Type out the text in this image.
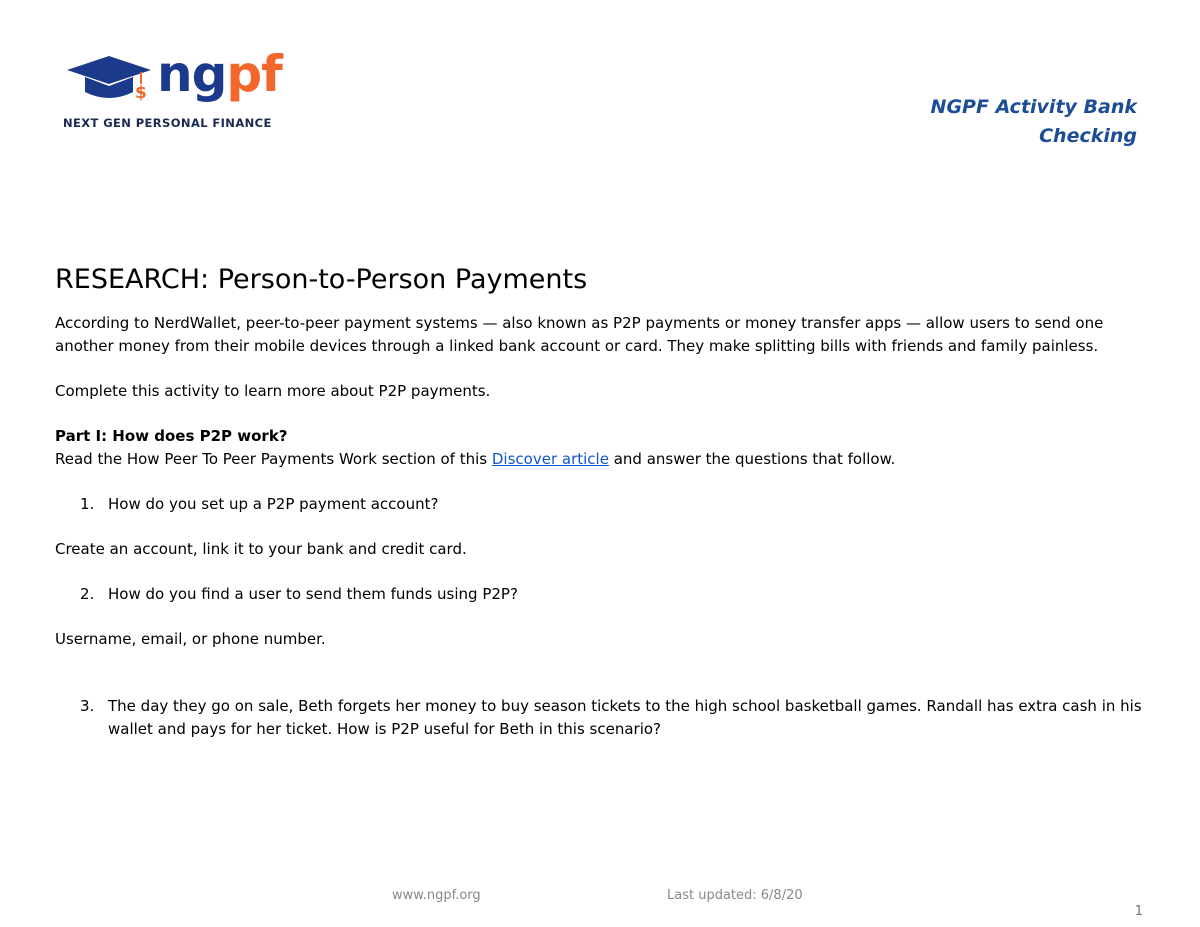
$ ngpf
NEXT GEN PERSONAL FINANCE
NGPF Activity Bank
Checking
RESEARCH: Person-to-Person Payments

According to NerdWallet, peer-to-peer payment systems — also known as P2P payments or money transfer apps — allow users to send one another money from their mobile devices through a linked bank account or card. They make splitting bills with friends and family painless.

Complete this activity to learn more about P2P payments.

Part I: How does P2P work?

Read the How Peer To Peer Payments Work section of this Discover article and answer the questions that follow.

1. How do you set up a P2P payment account?

Create an account, link it to your bank and credit card.

2. How do you find a user to send them funds using P2P?

Username, email, or phone number.

3. The day they go on sale, Beth forgets her money to buy season tickets to the high school basketball games. Randall has extra cash in his wallet and pays for her ticket. How is P2P useful for Beth in this scenario?
www.ngpf.org	Last updated: 6/8/20
1
